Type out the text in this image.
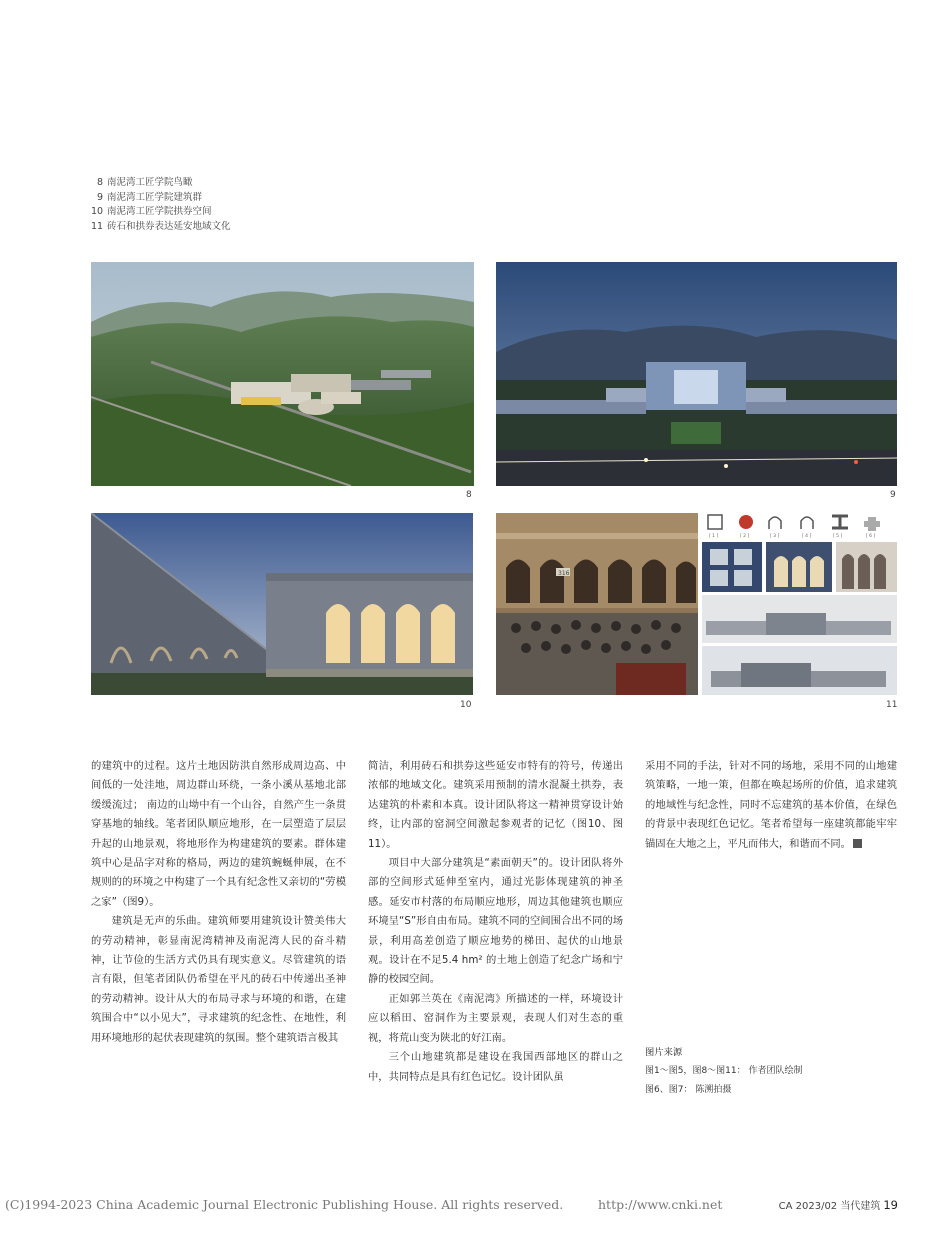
8 南泥湾工匠学院鸟瞰
9 南泥湾工匠学院建筑群
10 南泥湾工匠学院拱券空间
11 砖石和拱券表达延安地域文化
8	9
10
316
[ 1 ]	[ 2 ]	[ 3 ]	[ 4 ]	[ 5 ]	[ 6 ]
11

的建筑中的过程。这片土地因防洪自然形成周边高、中间低的一处洼地，周边群山环绕，一条小溪从基地北部缓缓流过； 南边的山坳中有一个山谷，自然产生一条贯穿基地的轴线。笔者团队顺应地形，在一层塑造了层层升起的山地景观，将地形作为构建建筑的要素。群体建筑中心是品字对称的格局，两边的建筑蜿蜒伸展，在不规则的的环境之中构建了一个具有纪念性又亲切的“劳模之家”（图9）。

建筑是无声的乐曲。建筑师要用建筑设计赞美伟大的劳动精神，彰显南泥湾精神及南泥湾人民的奋斗精神，让节俭的生活方式仍具有现实意义。尽管建筑的语言有限，但笔者团队仍希望在平凡的砖石中传递出圣神的劳动精神。设计从大的布局寻求与环境的和谐，在建筑围合中“以小见大”，寻求建筑的纪念性、在地性，利用环境地形的起伏表现建筑的氛围。整个建筑语言极其

简洁，利用砖石和拱券这些延安市特有的符号，传递出浓郁的地域文化。建筑采用预制的清水混凝土拱券，表达建筑的朴素和本真。设计团队将这一精神贯穿设计始终，让内部的窑洞空间激起参观者的记忆（图10、图11）。

项目中大部分建筑是“素面朝天”的。设计团队将外部的空间形式延伸至室内，通过光影体现建筑的神圣感。延安市村落的布局顺应地形，周边其他建筑也顺应环境呈“S”形自由布局。建筑不同的空间围合出不同的场景，利用高差创造了顺应地势的梯田、起伏的山地景观。设计在不足5.4 hm² 的土地上创造了纪念广场和宁静的校园空间。

正如郭兰英在《南泥湾》所描述的一样，环境设计应以稻田、窑洞作为主要景观，表现人们对生态的重视，将荒山变为陕北的好江南。

三个山地建筑都是建设在我国西部地区的群山之中，共同特点是具有红色记忆。设计团队虽

采用不同的手法，针对不同的场地，采用不同的山地建筑策略，一地一策，但都在唤起场所的价值，追求建筑的地域性与纪念性，同时不忘建筑的基本价值，在绿色的背景中表现红色记忆。笔者希望每一座建筑都能牢牢锚固在大地之上，平凡而伟大，和谐而不同。

图片来源
图1～图5，图8～图11： 作者团队绘制
图6、图7： 陈溯拍摄
(C)1994-2023 China Academic Journal Electronic Publishing House. All rights reserved.	http://www.cnki.net	CA 2023/02 当代建筑 19
